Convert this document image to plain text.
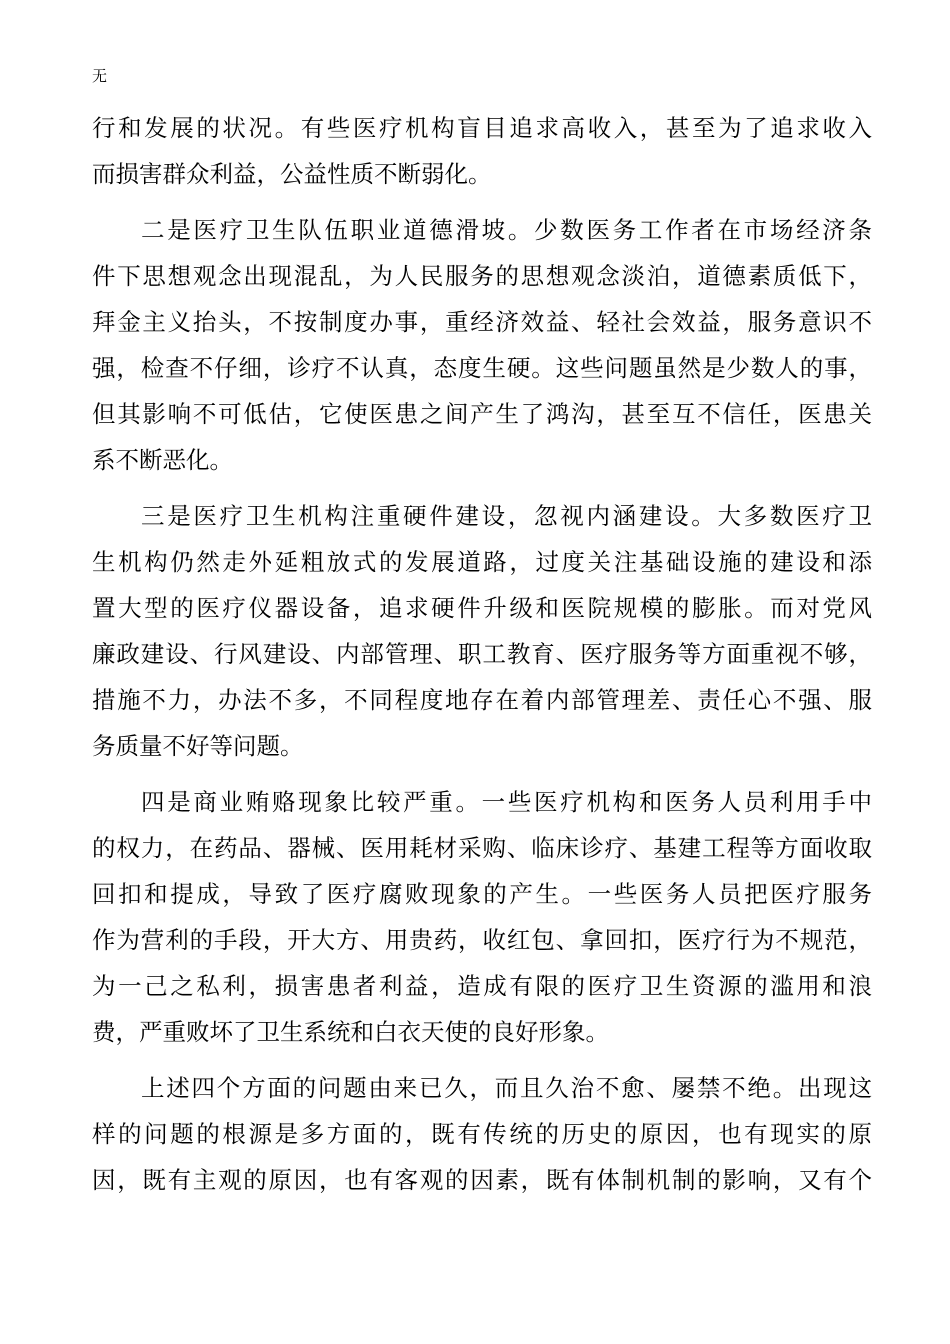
无
行和发展的状况。有些医疗机构盲目追求高收入，甚至为了追求收入
而损害群众利益，公益性质不断弱化。
二是医疗卫生队伍职业道德滑坡。少数医务工作者在市场经济条
件下思想观念出现混乱，为人民服务的思想观念淡泊，道德素质低下，
拜金主义抬头，不按制度办事，重经济效益、轻社会效益，服务意识不
强，检查不仔细，诊疗不认真，态度生硬。这些问题虽然是少数人的事，
但其影响不可低估，它使医患之间产生了鸿沟，甚至互不信任，医患关
系不断恶化。
三是医疗卫生机构注重硬件建设，忽视内涵建设。大多数医疗卫
生机构仍然走外延粗放式的发展道路，过度关注基础设施的建设和添
置大型的医疗仪器设备，追求硬件升级和医院规模的膨胀。而对党风
廉政建设、行风建设、内部管理、职工教育、医疗服务等方面重视不够，
措施不力，办法不多，不同程度地存在着内部管理差、责任心不强、服
务质量不好等问题。
四是商业贿赂现象比较严重。一些医疗机构和医务人员利用手中
的权力，在药品、器械、医用耗材采购、临床诊疗、基建工程等方面收取
回扣和提成，导致了医疗腐败现象的产生。一些医务人员把医疗服务
作为营利的手段，开大方、用贵药，收红包、拿回扣，医疗行为不规范，
为一己之私利，损害患者利益，造成有限的医疗卫生资源的滥用和浪
费，严重败坏了卫生系统和白衣天使的良好形象。
上述四个方面的问题由来已久，而且久治不愈、屡禁不绝。出现这
样的问题的根源是多方面的，既有传统的历史的原因，也有现实的原
因，既有主观的原因，也有客观的因素，既有体制机制的影响，又有个
